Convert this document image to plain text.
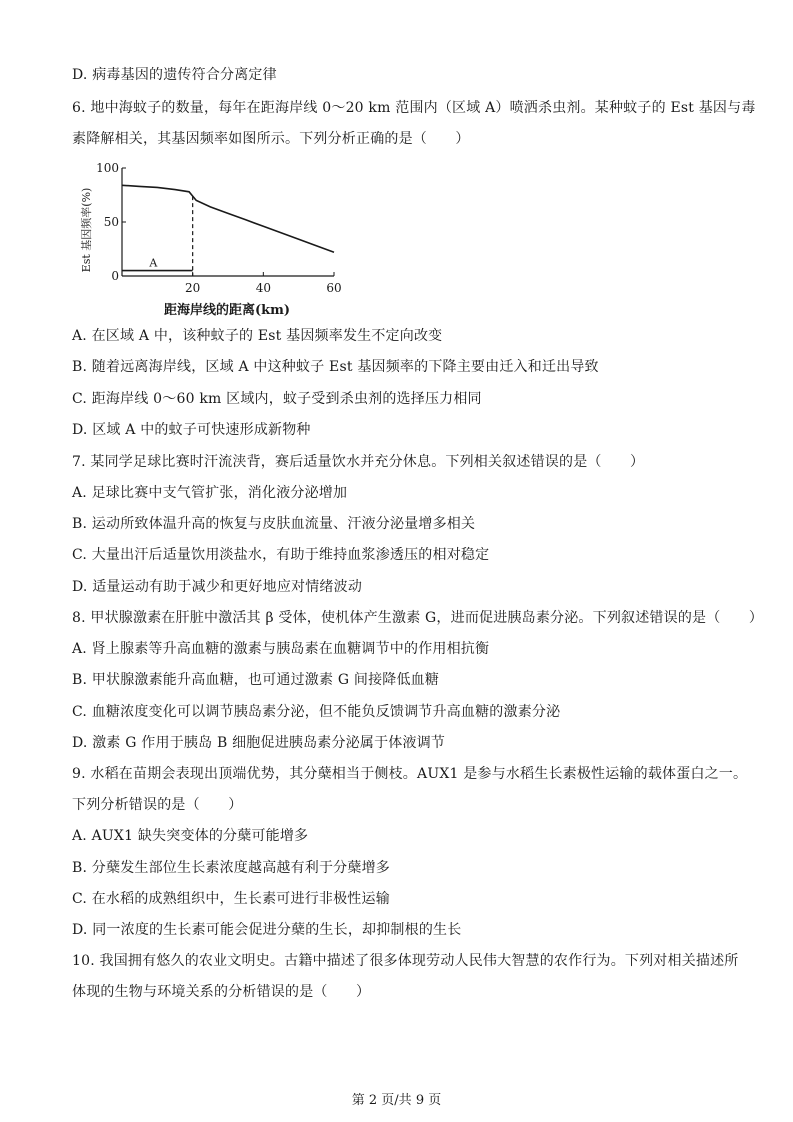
D. 病毒基因的遗传符合分离定律
6. 地中海蚊子的数量，每年在距海岸线 0～20 km 范围内（区域 A）喷洒杀虫剂。某种蚊子的 Est 基因与毒
素降解相关，其基因频率如图所示。下列分析正确的是（　　）
100
50
0
20	40	60
Est 基因频率(%)
距海岸线的距离(km)
A
A. 在区域 A 中，该种蚊子的 Est 基因频率发生不定向改变
B. 随着远离海岸线，区域 A 中这种蚊子 Est 基因频率的下降主要由迁入和迁出导致
C. 距海岸线 0～60 km 区域内，蚊子受到杀虫剂的选择压力相同
D. 区域 A 中的蚊子可快速形成新物种
7. 某同学足球比赛时汗流浃背，赛后适量饮水并充分休息。下列相关叙述错误的是（　　）
A. 足球比赛中支气管扩张，消化液分泌增加
B. 运动所致体温升高的恢复与皮肤血流量、汗液分泌量增多相关
C. 大量出汗后适量饮用淡盐水，有助于维持血浆渗透压的相对稳定
D. 适量运动有助于减少和更好地应对情绪波动
8. 甲状腺激素在肝脏中激活其 β 受体，使机体产生激素 G，进而促进胰岛素分泌。下列叙述错误的是（　　）
A. 肾上腺素等升高血糖的激素与胰岛素在血糖调节中的作用相抗衡
B. 甲状腺激素能升高血糖，也可通过激素 G 间接降低血糖
C. 血糖浓度变化可以调节胰岛素分泌，但不能负反馈调节升高血糖的激素分泌
D. 激素 G 作用于胰岛 B 细胞促进胰岛素分泌属于体液调节
9. 水稻在苗期会表现出顶端优势，其分蘖相当于侧枝。AUX1 是参与水稻生长素极性运输的载体蛋白之一。
下列分析错误的是（　　）
A. AUX1 缺失突变体的分蘖可能增多
B. 分蘖发生部位生长素浓度越高越有利于分蘖增多
C. 在水稻的成熟组织中，生长素可进行非极性运输
D. 同一浓度的生长素可能会促进分蘖的生长，却抑制根的生长
10. 我国拥有悠久的农业文明史。古籍中描述了很多体现劳动人民伟大智慧的农作行为。下列对相关描述所
体现的生物与环境关系的分析错误的是（　　）
第 2 页/共 9 页
